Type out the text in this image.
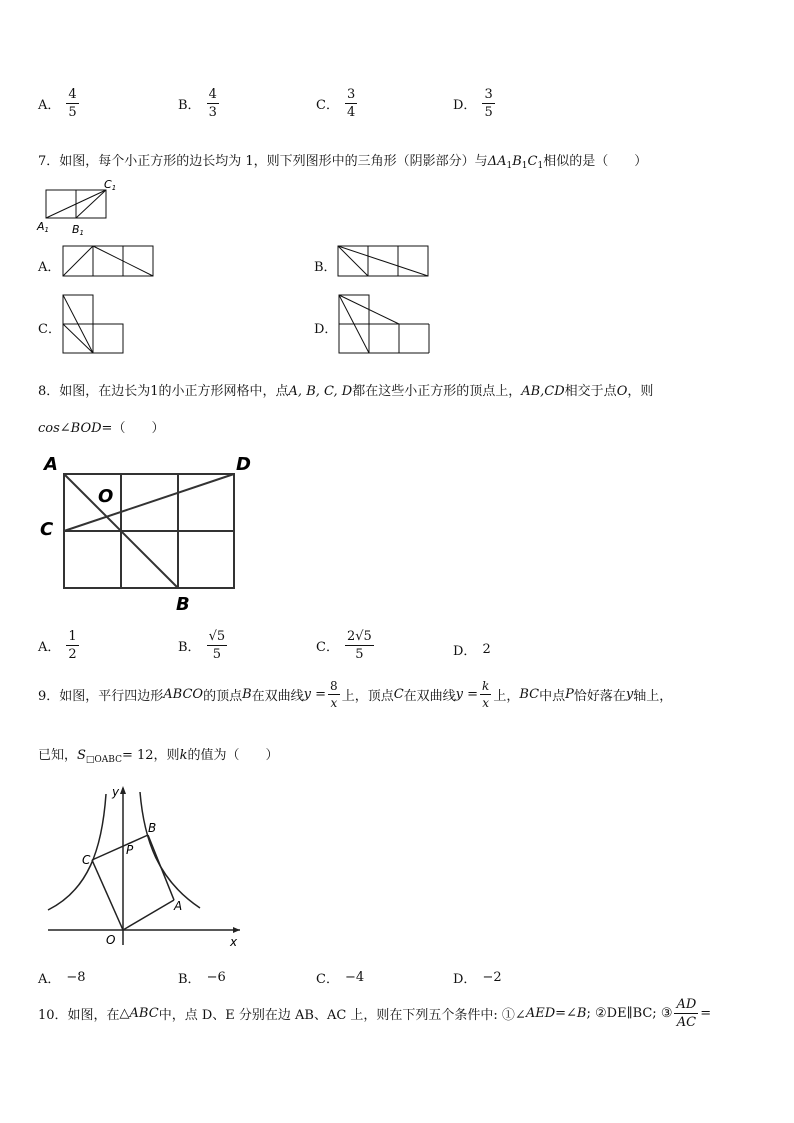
A． $\frac{4}{5}$	B． $\frac{4}{3}$	C． $\frac{3}{4}$	D． $\frac{3}{5}$
7．如图，每个小正方形的边长均为 1，则下列图形中的三角形（阴影部分）与$\Delta A_1B_1C_1$相似的是（　　）
C1
A1 B1
A．	B．
C．	D．
8．如图，在边长为1的小正方形网格中，点A, B, C, D都在这些小正方形的顶点上，AB,CD相交于点O，则
cos∠BOD=（　　）
A	D
O
C
B
A． $\frac{1}{2}$	B． $\frac{√5}{5}$	C． $\frac{2√5}{5}$	D． 2
9．如图，平行四边形 ABCO 的顶点 B 在双曲线 $y = \frac{8}{x}$ 上，顶点 C 在双曲线 $y = \frac{k}{x}$ 上， BC 中点 P 恰好落在 y 轴上，
已知，$S_{□OABC}= 12$，则k的值为（　　）
y
x
B
C
P
A
O
A． −8	B． −6	C． −4	D． −2
10．如图，在 △ABC 中，点 D、E 分别在边 AB、AC 上，则在下列五个条件中: ①∠ AED =∠ B ; ②DE∥BC; ③ $\frac{AD}{AC}$ =
